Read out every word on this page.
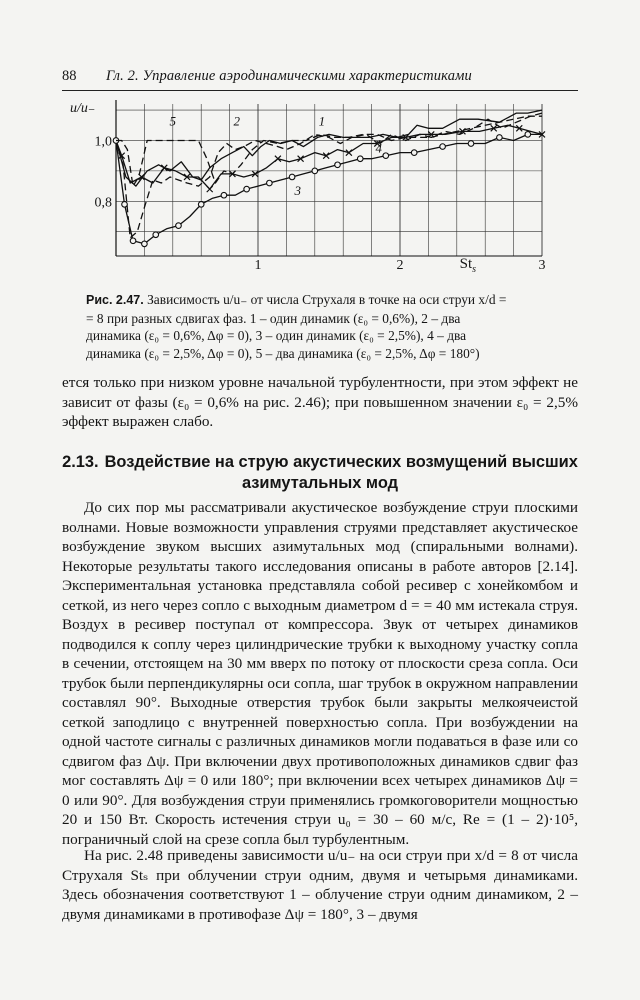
88 Гл. 2. Управление аэродинамическими характеристиками
1,0
0,8
1	2	3
u/u₋
$St_s$
1
2
3
4
5
Рис. 2.47. Зависимость u/u₋ от числа Струхаля в точке на оси струи x/d =
= 8 при разных сдвигах фаз. 1 – один динамик (ε₀ = 0,6%), 2 – два
динамика (ε₀ = 0,6%, Δφ = 0), 3 – один динамик (ε₀ = 2,5%), 4 – два
динамика (ε₀ = 2,5%, Δφ = 0), 5 – два динамика (ε₀ = 2,5%, Δφ = 180°)

ется только при низком уровне начальной турбулентности, при этом эффект не зависит от фазы (ε₀ = 0,6% на рис. 2.46); при повышенном значении ε₀ = 2,5% эффект выражен слабо.

2.13. Воздействие на струю акустических возмущений высших азимутальных мод

До сих пор мы рассматривали акустическое возбуждение струи плоскими волнами. Новые возможности управления струями представляет акустическое возбуждение звуком высших азимутальных мод (спиральными волнами). Некоторые результаты такого исследования описаны в работе авторов [2.14]. Экспериментальная установка представляла собой ресивер с хонейкомбом и сеткой, из него через сопло с выходным диаметром d = = 40 мм истекала струя. Воздух в ресивер поступал от компрессора. Звук от четырех динамиков подводился к соплу через цилиндрические трубки к выходному участку сопла в сечении, отстоящем на 30 мм вверх по потоку от плоскости среза сопла. Оси трубок были перпендикулярны оси сопла, шаг трубок в окружном направлении составлял 90°. Выходные отверстия трубок были закрыты мелкоячеистой сеткой заподлицо с внутренней поверхностью сопла. При возбуждении на одной частоте сигналы с различных динамиков могли подаваться в фазе или со сдвигом фаз Δψ. При включении двух противоположных динамиков сдвиг фаз мог составлять Δψ = 0 или 180°; при включении всех четырех динамиков Δψ = 0 или 90°. Для возбуждения струи применялись громкоговорители мощностью 20 и 150 Вт. Скорость истечения струи u₀ = 30 – 60 м/с, Re = (1 – 2)·10⁵, пограничный слой на срезе сопла был турбулентным.

На рис. 2.48 приведены зависимости u/u₋ на оси струи при x/d = 8 от числа Струхаля Stₛ при облучении струи одним, двумя и четырьмя динамиками. Здесь обозначения соответствуют 1 – облучение струи одним динамиком, 2 – двумя динамиками в противофазе Δψ = 180°, 3 – двумя
